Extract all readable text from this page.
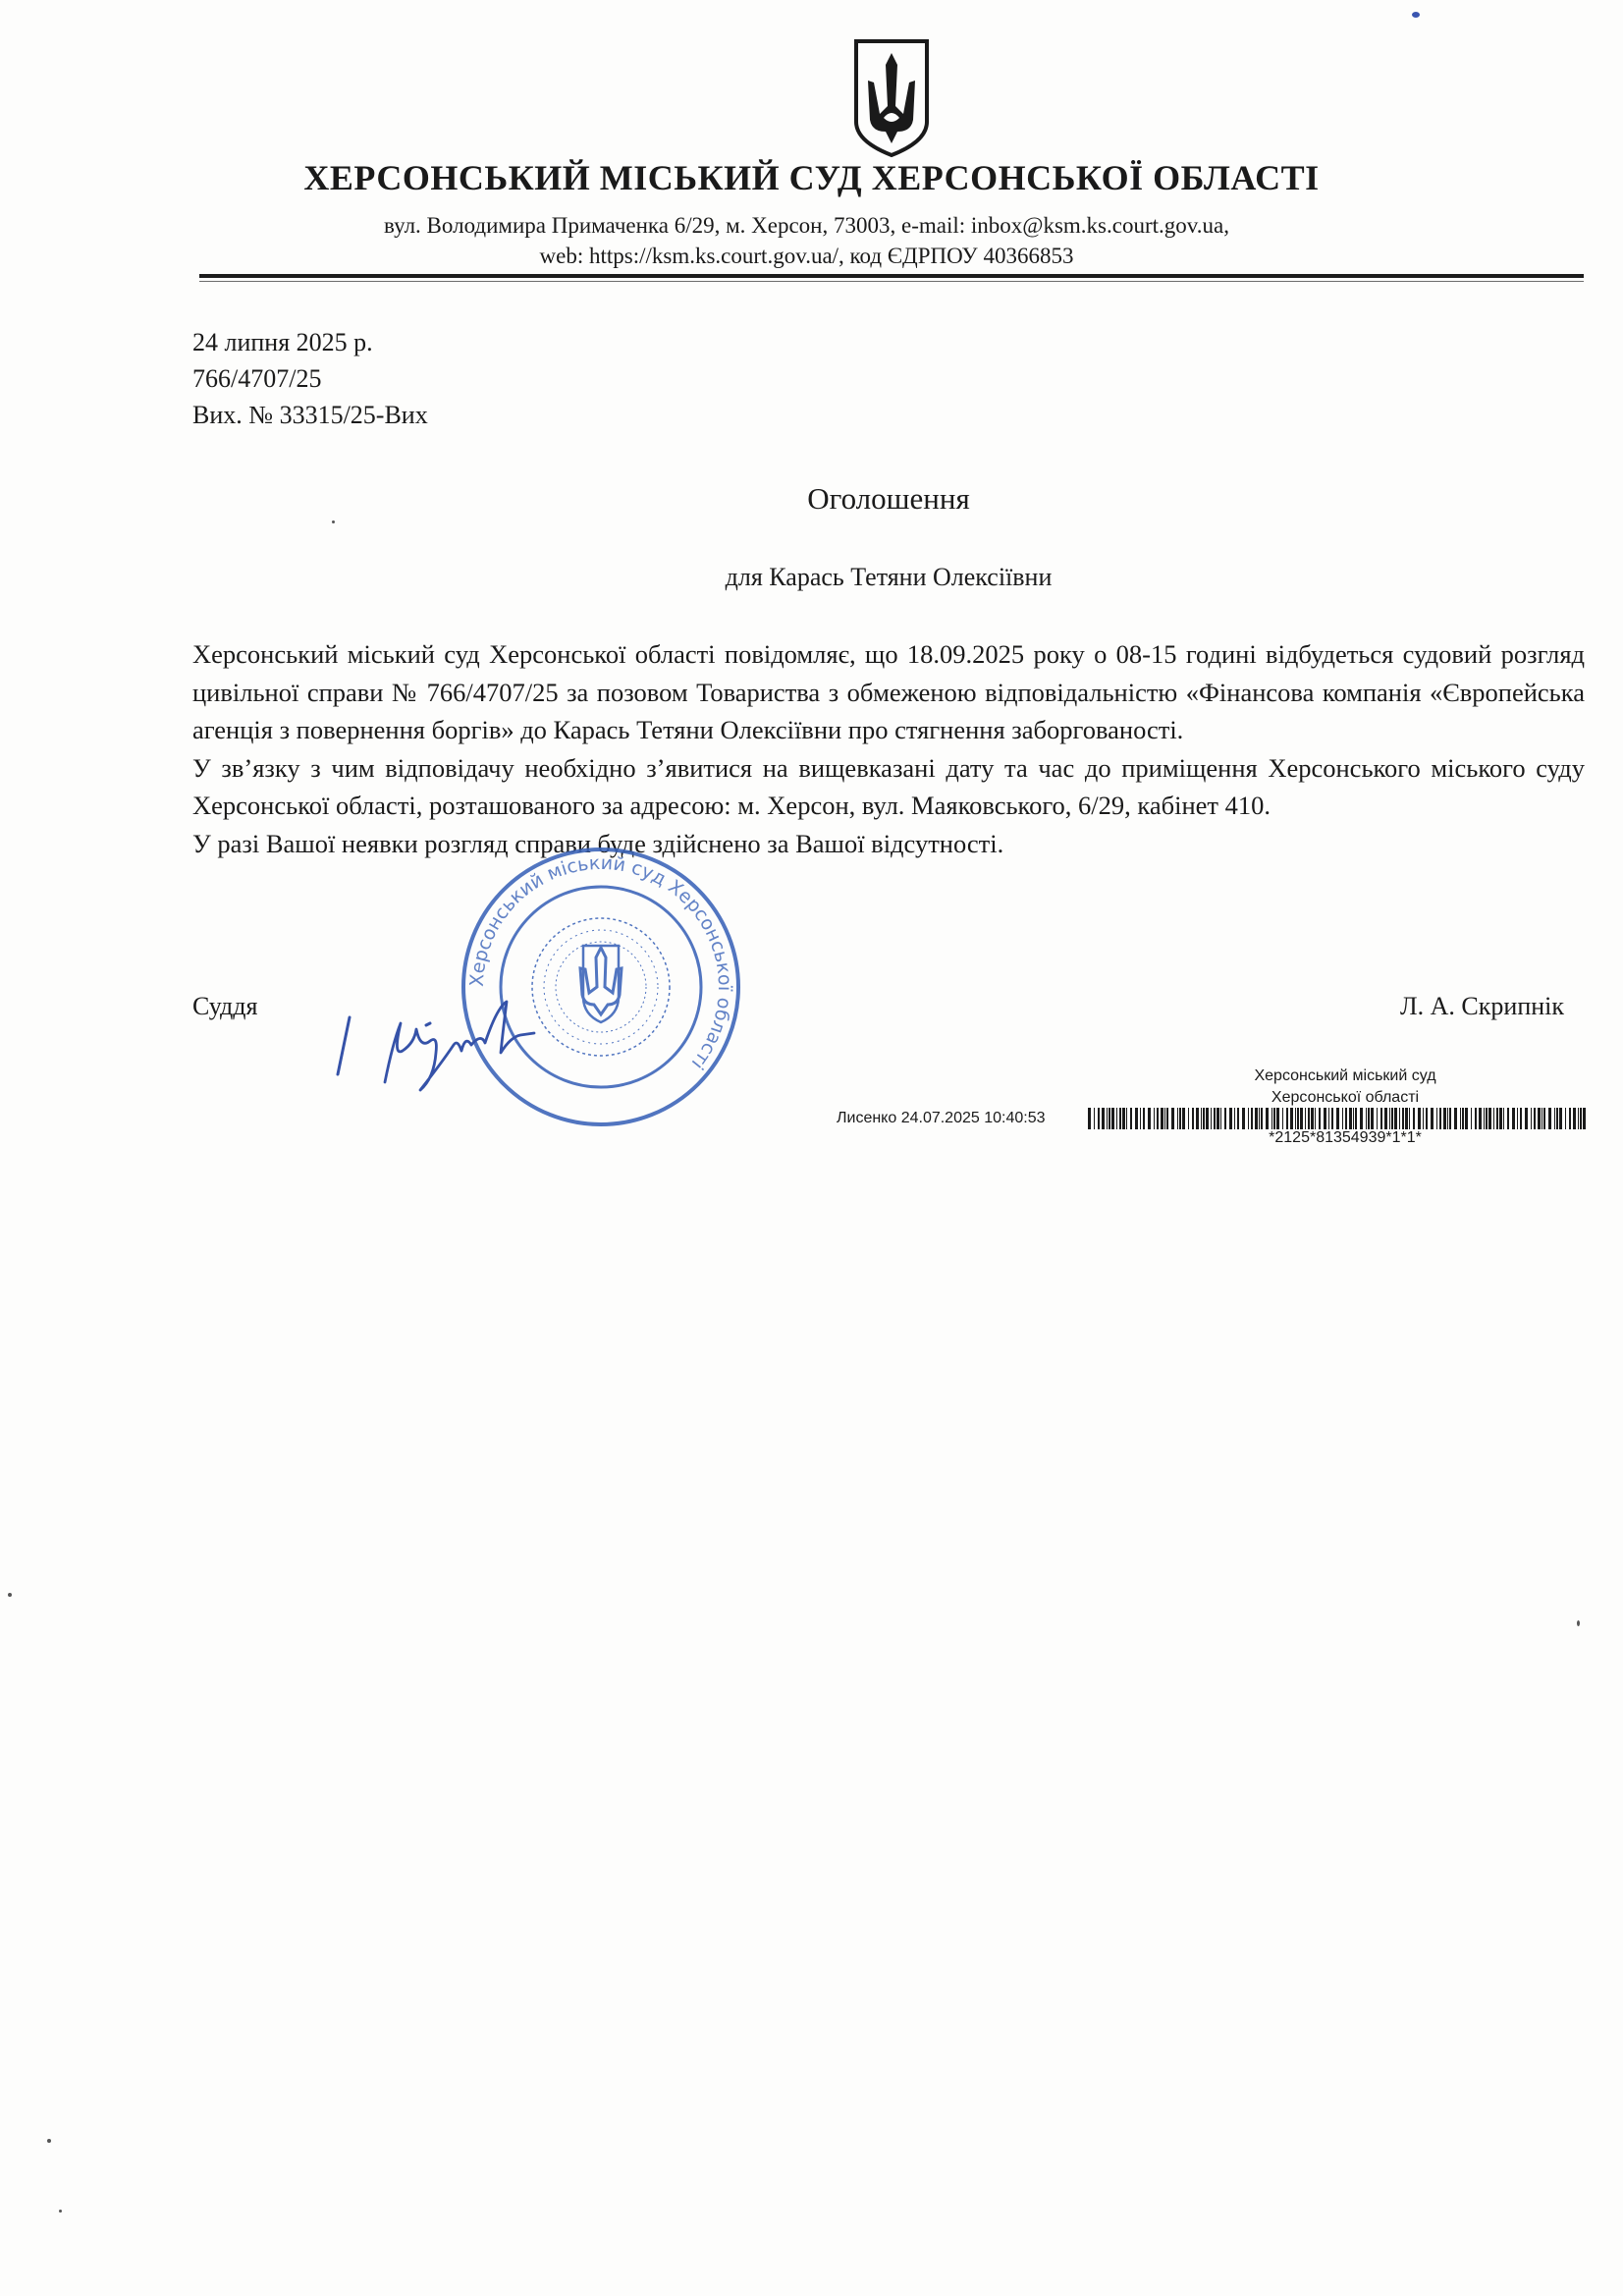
ХЕРСОНСЬКИЙ МІСЬКИЙ СУД ХЕРСОНСЬКОЇ ОБЛАСТІ
вул. Володимира Примаченка 6/29, м. Херсон, 73003, e-mail: inbox@ksm.ks.court.gov.ua,
web: https://ksm.ks.court.gov.ua/, код ЄДРПОУ 40366853
24 липня 2025 р.
766/4707/25
Вих. № 33315/25-Вих
Оголошення
для Карась Тетяни Олексіївни

Херсонський міський суд Херсонської області повідомляє, що 18.09.2025 року о 08-15 годині відбудеться судовий розгляд цивільної справи № 766/4707/25 за позовом Товариства з обмеженою відповідальністю «Фінансова компанія «Європейська агенція з повернення боргів» до Карась Тетяни Олексіївни про стягнення заборгованості.

У зв’язку з чим відповідачу необхідно з’явитися на вищевказані дату та час до приміщення Херсонського міського суду Херсонської області, розташованого за адресою: м. Херсон, вул. Маяковського, 6/29, кабінет 410.

У разі Вашої неявки розгляд справи буде здійснено за Вашої відсутності.

Херсонський міський суд Херсонської області
Суддя	Л. А. Скрипнік
Херсонський міський суд
Херсонської області
Лисенко 24.07.2025 10:40:53
*2125*81354939*1*1*
